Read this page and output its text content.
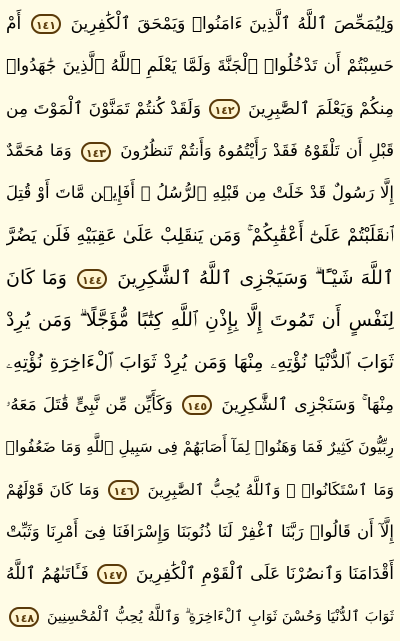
وَلِيُمَحِّصَ ٱللَّهُ ٱلَّذِينَ ءَامَنُوا۟ وَيَمْحَقَ ٱلْكَٰفِرِينَ ١٤١ أَمْ
حَسِبْتُمْ أَن تَدْخُلُوا۟ ٱلْجَنَّةَ وَلَمَّا يَعْلَمِ ٱللَّهُ ٱلَّذِينَ جَٰهَدُوا۟
مِنكُمْ وَيَعْلَمَ ٱلصَّٰبِرِينَ ١٤٢ وَلَقَدْ كُنتُمْ تَمَنَّوْنَ ٱلْمَوْتَ مِن
قَبْلِ أَن تَلْقَوْهُ فَقَدْ رَأَيْتُمُوهُ وَأَنتُمْ تَنظُرُونَ ١٤٣ وَمَا مُحَمَّدٌ
إِلَّا رَسُولٌ قَدْ خَلَتْ مِن قَبْلِهِ ٱلرُّسُلُ ۚ أَفَإِي۟ن مَّاتَ أَوْ قُتِلَ
ٱنقَلَبْتُمْ عَلَىٰٓ أَعْقَٰبِكُمْ ۚ وَمَن يَنقَلِبْ عَلَىٰ عَقِبَيْهِ فَلَن يَضُرَّ
ٱللَّهَ شَيْـًٔا ۗ وَسَيَجْزِى ٱللَّهُ ٱلشَّٰكِرِينَ ١٤٤ وَمَا كَانَ
لِنَفْسٍ أَن تَمُوتَ إِلَّا بِإِذْنِ ٱللَّهِ كِتَٰبًا مُّؤَجَّلًا ۗ وَمَن يُرِدْ
ثَوَابَ ٱلدُّنْيَا نُؤْتِهِۦ مِنْهَا وَمَن يُرِدْ ثَوَابَ ٱلْءَاخِرَةِ نُؤْتِهِۦ
مِنْهَا ۚ وَسَنَجْزِى ٱلشَّٰكِرِينَ ١٤٥ وَكَأَيِّن مِّن نَّبِىٍّ قَٰتَلَ مَعَهُۥ
رِبِّيُّونَ كَثِيرٌ فَمَا وَهَنُوا۟ لِمَآ أَصَابَهُمْ فِى سَبِيلِ ٱللَّهِ وَمَا ضَعُفُوا۟
وَمَا ٱسْتَكَانُوا۟ ۗ وَٱللَّهُ يُحِبُّ ٱلصَّٰبِرِينَ ١٤٦ وَمَا كَانَ قَوْلَهُمْ
إِلَّآ أَن قَالُوا۟ رَبَّنَا ٱغْفِرْ لَنَا ذُنُوبَنَا وَإِسْرَافَنَا فِىٓ أَمْرِنَا وَثَبِّتْ
أَقْدَامَنَا وَٱنصُرْنَا عَلَى ٱلْقَوْمِ ٱلْكَٰفِرِينَ ١٤٧ فَـَٔاتَىٰهُمُ ٱللَّهُ
ثَوَابَ ٱلدُّنْيَا وَحُسْنَ ثَوَابِ ٱلْءَاخِرَةِ ۗ وَٱللَّهُ يُحِبُّ ٱلْمُحْسِنِينَ ١٤٨
